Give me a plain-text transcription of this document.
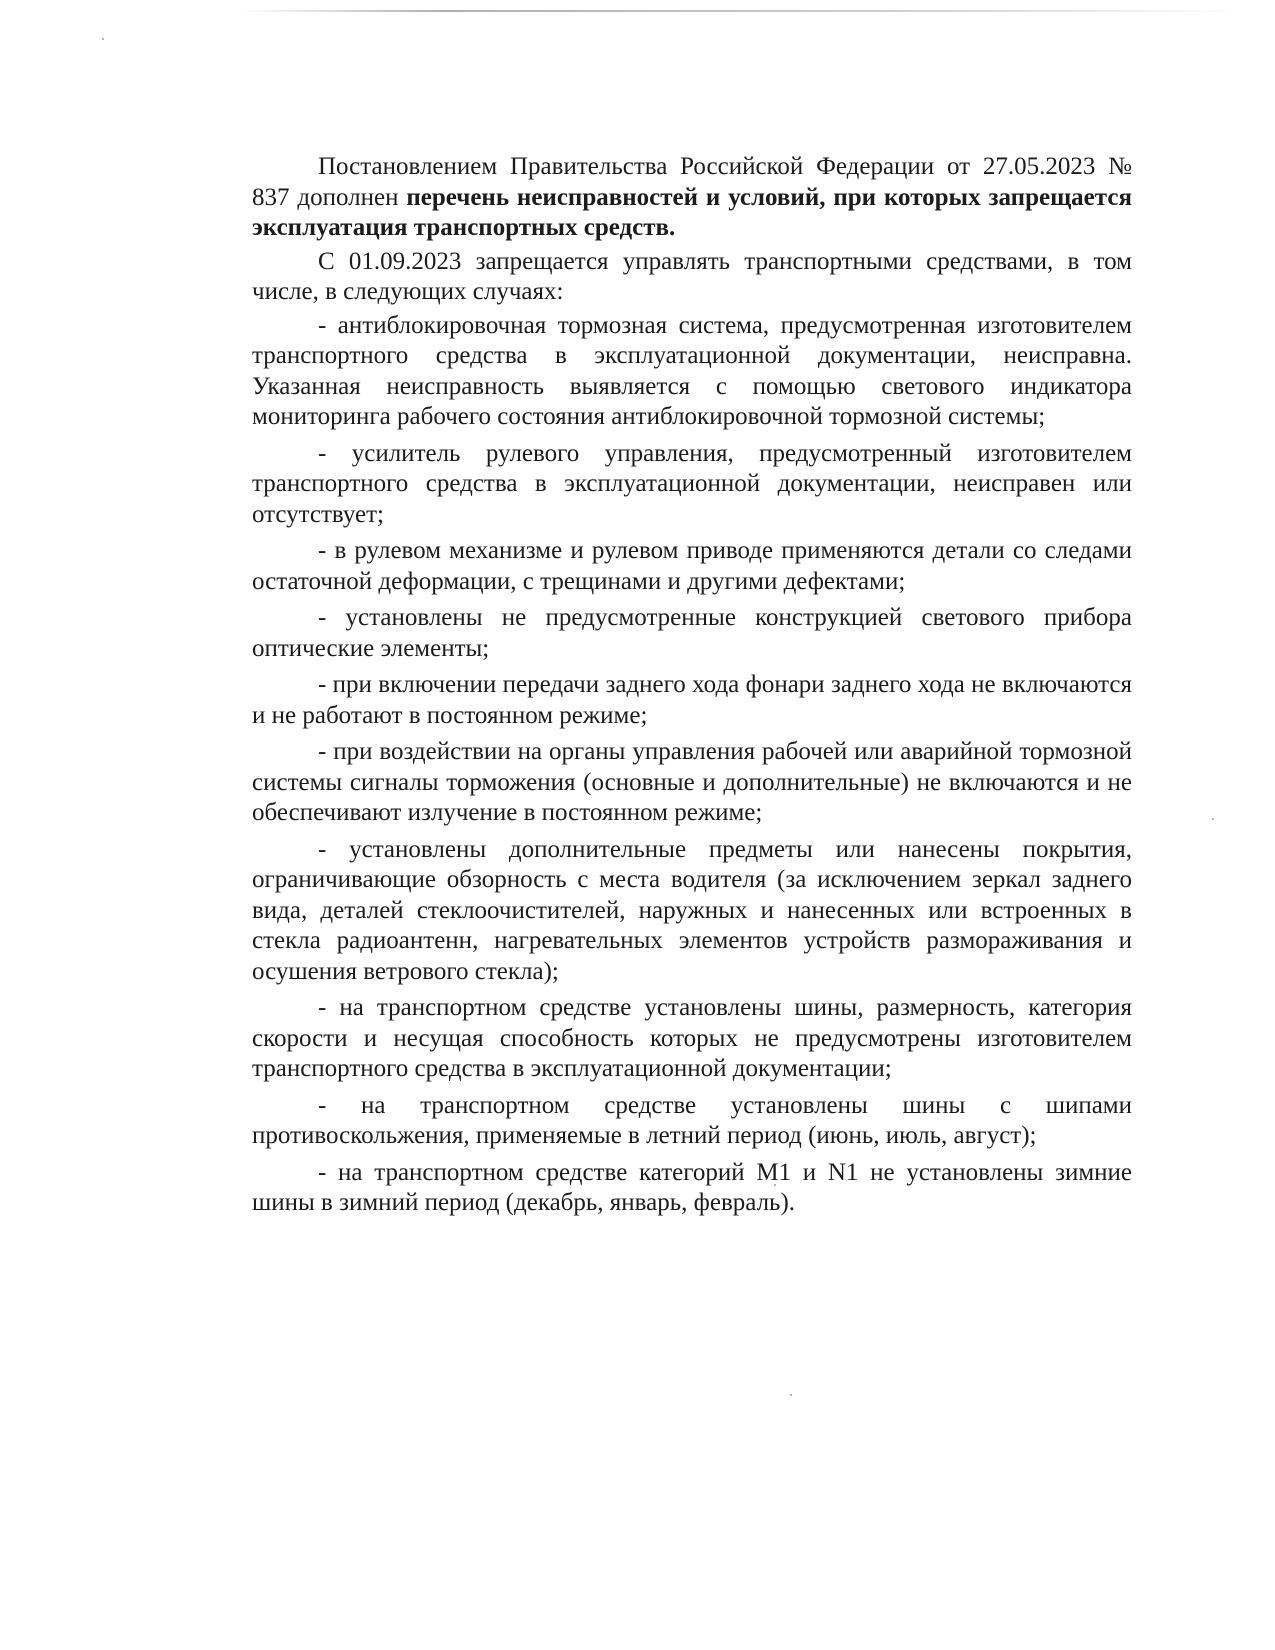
Постановлением Правительства Российской Федерации от 27.05.2023 № 837 дополнен перечень неисправностей и условий, при которых запрещается эксплуатация транспортных средств.

С 01.09.2023 запрещается управлять транспортными средствами, в том числе, в следующих случаях:

- антиблокировочная тормозная система, предусмотренная изготовителем транспортного средства в эксплуатационной документации, неисправна. Указанная неисправность выявляется с помощью светового индикатора мониторинга рабочего состояния антиблокировочной тормозной системы;

- усилитель рулевого управления, предусмотренный изготовителем транспортного средства в эксплуатационной документации, неисправен или отсутствует;

- в рулевом механизме и рулевом приводе применяются детали со следами остаточной деформации, с трещинами и другими дефектами;

- установлены не предусмотренные конструкцией светового прибора оптические элементы;

- при включении передачи заднего хода фонари заднего хода не включаются и не работают в постоянном режиме;

- при воздействии на органы управления рабочей или аварийной тормозной системы сигналы торможения (основные и дополнительные) не включаются и не обеспечивают излучение в постоянном режиме;

- установлены дополнительные предметы или нанесены покрытия, ограничивающие обзорность с места водителя (за исключением зеркал заднего вида, деталей стеклоочистителей, наружных и нанесенных или встроенных в стекла радиоантенн, нагревательных элементов устройств размораживания и осушения ветрового стекла);

- на транспортном средстве установлены шины, размерность, категория скорости и несущая способность которых не предусмотрены изготовителем транспортного средства в эксплуатационной документации;

- на транспортном средстве установлены шины с шипами противоскольжения, применяемые в летний период (июнь, июль, август);

- на транспортном средстве категорий M1 и N1 не установлены зимние шины в зимний период (декабрь, январь, февраль).
